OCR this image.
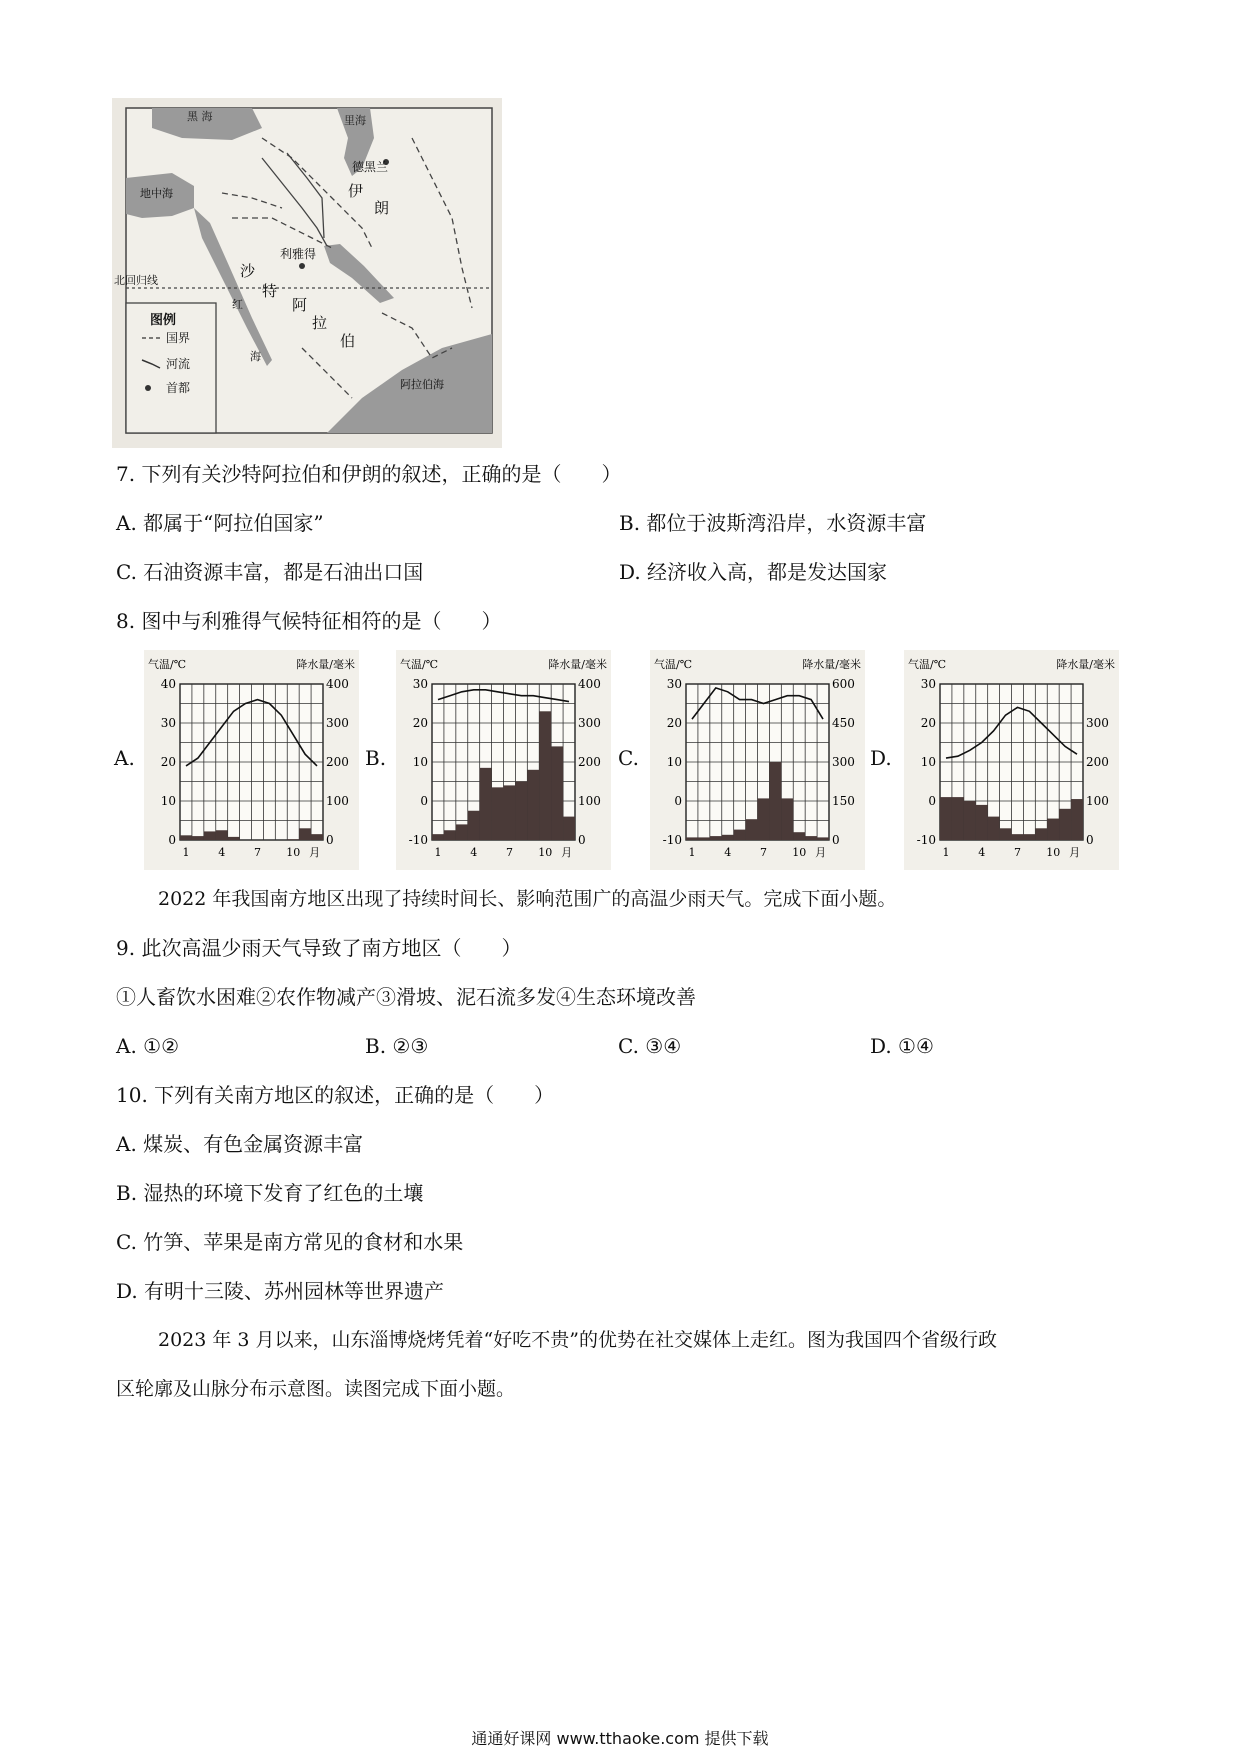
黑 海	里海
地中海
德黑兰
伊
朗
利雅得
沙
特
阿
拉
伯
红
海
阿拉伯海
北回归线
图例
国界
河流
首都
7. 下列有关沙特阿拉伯和伊朗的叙述，正确的是（　　）
A. 都属于“阿拉伯国家”	B. 都位于波斯湾沿岸，水资源丰富
C. 石油资源丰富，都是石油出口国	D. 经济收入高，都是发达国家
8. 图中与利雅得气候特征相符的是（　　）
A.	B.	C.	D.
气温/℃	降水量/毫米
40
30
20
10
0
400
300
200
100
0
1	4	7 10 月
气温/℃	降水量/毫米
30
20
10
0
-10
400
300
200
100
0
1	4	7 10 月
气温/℃	降水量/毫米
30
20
10
0
-10
600
450
300
150
0
1	4	7 10 月
气温/℃	降水量/毫米
30
20
10
0
-10
300
200
100
0
1	4	7 10 月
2022 年我国南方地区出现了持续时间长、影响范围广的高温少雨天气。完成下面小题。
9. 此次高温少雨天气导致了南方地区（　　）
①人畜饮水困难②农作物减产③滑坡、泥石流多发④生态环境改善
A. ①②	B. ②③	C. ③④	D. ①④
10. 下列有关南方地区的叙述，正确的是（　　）
A. 煤炭、有色金属资源丰富
B. 湿热的环境下发育了红色的土壤
C. 竹笋、苹果是南方常见的食材和水果
D. 有明十三陵、苏州园林等世界遗产
2023 年 3 月以来，山东淄博烧烤凭着“好吃不贵”的优势在社交媒体上走红。图为我国四个省级行政
区轮廓及山脉分布示意图。读图完成下面小题。
通通好课网 www.tthaoke.com 提供下载
